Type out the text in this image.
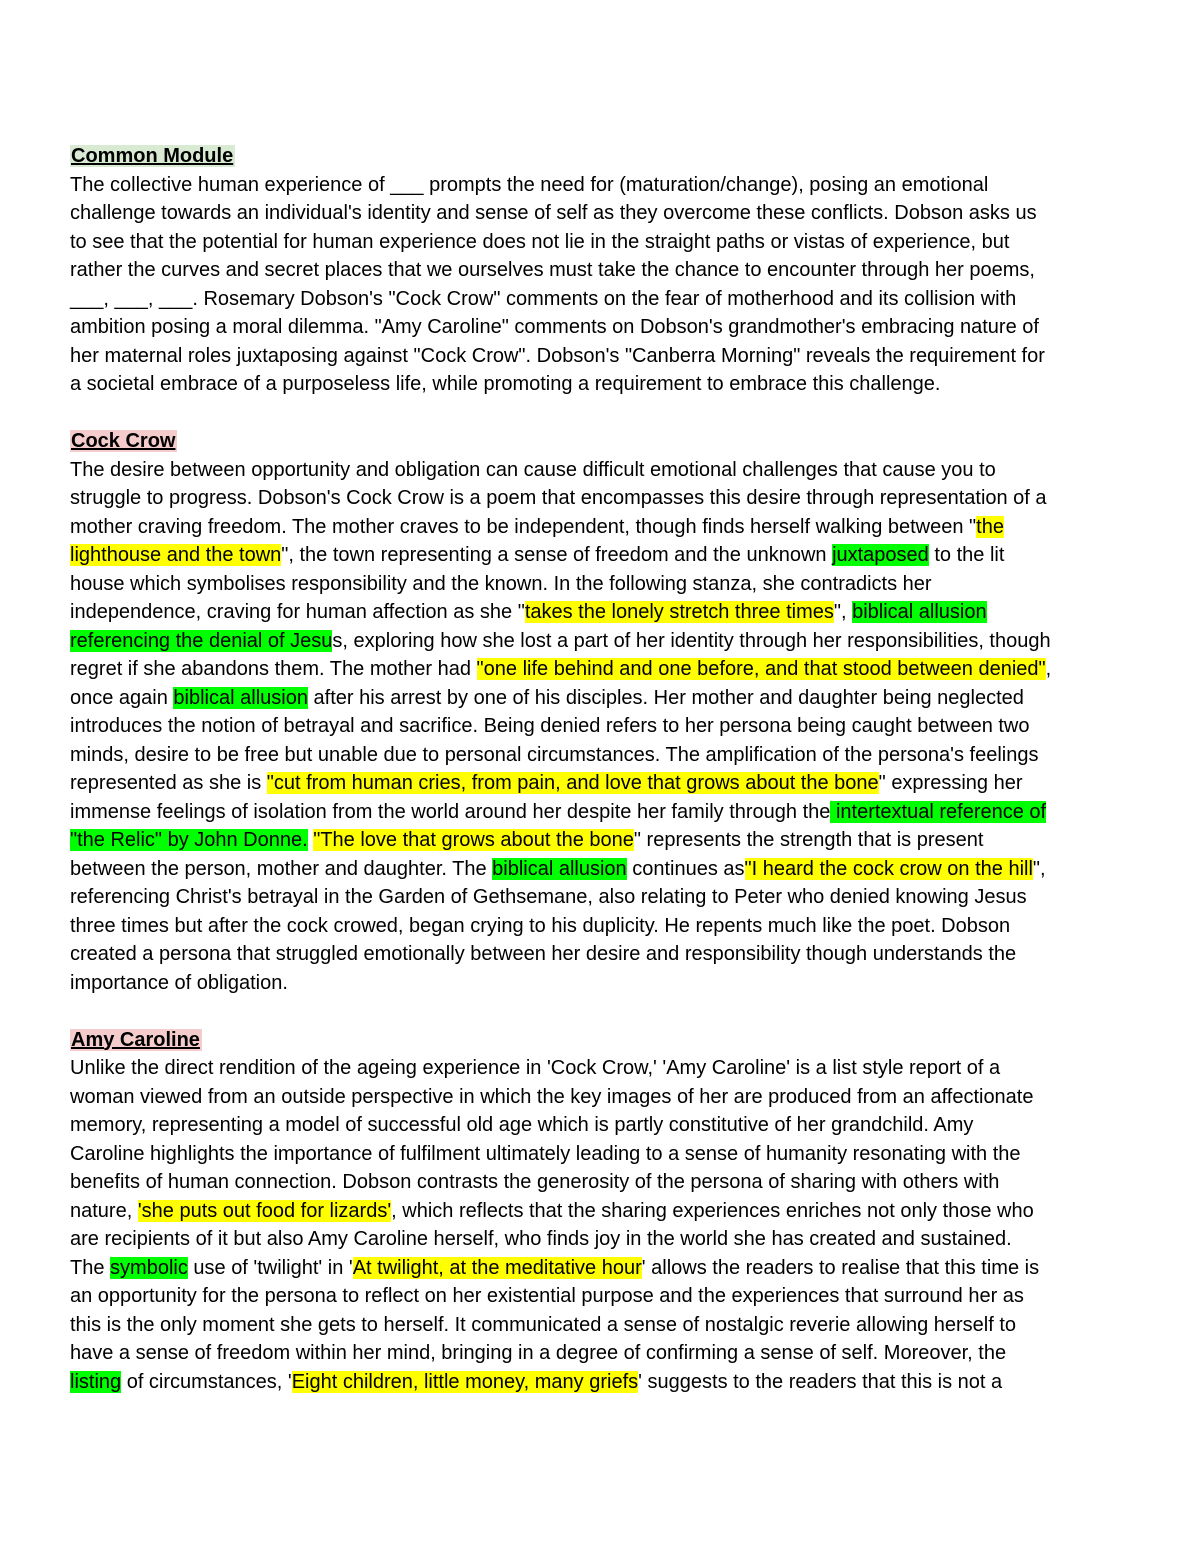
Common Module
The collective human experience of ___ prompts the need for (maturation/change), posing an emotional
challenge towards an individual's identity and sense of self as they overcome these conflicts. Dobson asks us
to see that the potential for human experience does not lie in the straight paths or vistas of experience, but
rather the curves and secret places that we ourselves must take the chance to encounter through her poems,
___, ___, ___. Rosemary Dobson's "Cock Crow" comments on the fear of motherhood and its collision with
ambition posing a moral dilemma. "Amy Caroline" comments on Dobson's grandmother's embracing nature of
her maternal roles juxtaposing against "Cock Crow". Dobson's "Canberra Morning" reveals the requirement for
a societal embrace of a purposeless life, while promoting a requirement to embrace this challenge.
Cock Crow
The desire between opportunity and obligation can cause difficult emotional challenges that cause you to
struggle to progress. Dobson's Cock Crow is a poem that encompasses this desire through representation of a
mother craving freedom. The mother craves to be independent, though finds herself walking between "the
lighthouse and the town", the town representing a sense of freedom and the unknown juxtaposed to the lit
house which symbolises responsibility and the known. In the following stanza, she contradicts her
independence, craving for human affection as she "takes the lonely stretch three times", biblical allusion
referencing the denial of Jesus, exploring how she lost a part of her identity through her responsibilities, though
regret if she abandons them. The mother had "one life behind and one before, and that stood between denied",
once again biblical allusion after his arrest by one of his disciples. Her mother and daughter being neglected
introduces the notion of betrayal and sacrifice. Being denied refers to her persona being caught between two
minds, desire to be free but unable due to personal circumstances. The amplification of the persona's feelings
represented as she is "cut from human cries, from pain, and love that grows about the bone" expressing her
immense feelings of isolation from the world around her despite her family through the intertextual reference of
"the Relic" by John Donne. "The love that grows about the bone" represents the strength that is present
between the person, mother and daughter. The biblical allusion continues as"I heard the cock crow on the hill",
referencing Christ's betrayal in the Garden of Gethsemane, also relating to Peter who denied knowing Jesus
three times but after the cock crowed, began crying to his duplicity. He repents much like the poet. Dobson
created a persona that struggled emotionally between her desire and responsibility though understands the
importance of obligation.
Amy Caroline
Unlike the direct rendition of the ageing experience in 'Cock Crow,' 'Amy Caroline' is a list style report of a
woman viewed from an outside perspective in which the key images of her are produced from an affectionate
memory, representing a model of successful old age which is partly constitutive of her grandchild. Amy
Caroline highlights the importance of fulfilment ultimately leading to a sense of humanity resonating with the
benefits of human connection. Dobson contrasts the generosity of the persona of sharing with others with
nature, 'she puts out food for lizards', which reflects that the sharing experiences enriches not only those who
are recipients of it but also Amy Caroline herself, who finds joy in the world she has created and sustained.
The symbolic use of 'twilight' in 'At twilight, at the meditative hour' allows the readers to realise that this time is
an opportunity for the persona to reflect on her existential purpose and the experiences that surround her as
this is the only moment she gets to herself. It communicated a sense of nostalgic reverie allowing herself to
have a sense of freedom within her mind, bringing in a degree of confirming a sense of self. Moreover, the
listing of circumstances, 'Eight children, little money, many griefs' suggests to the readers that this is not a
